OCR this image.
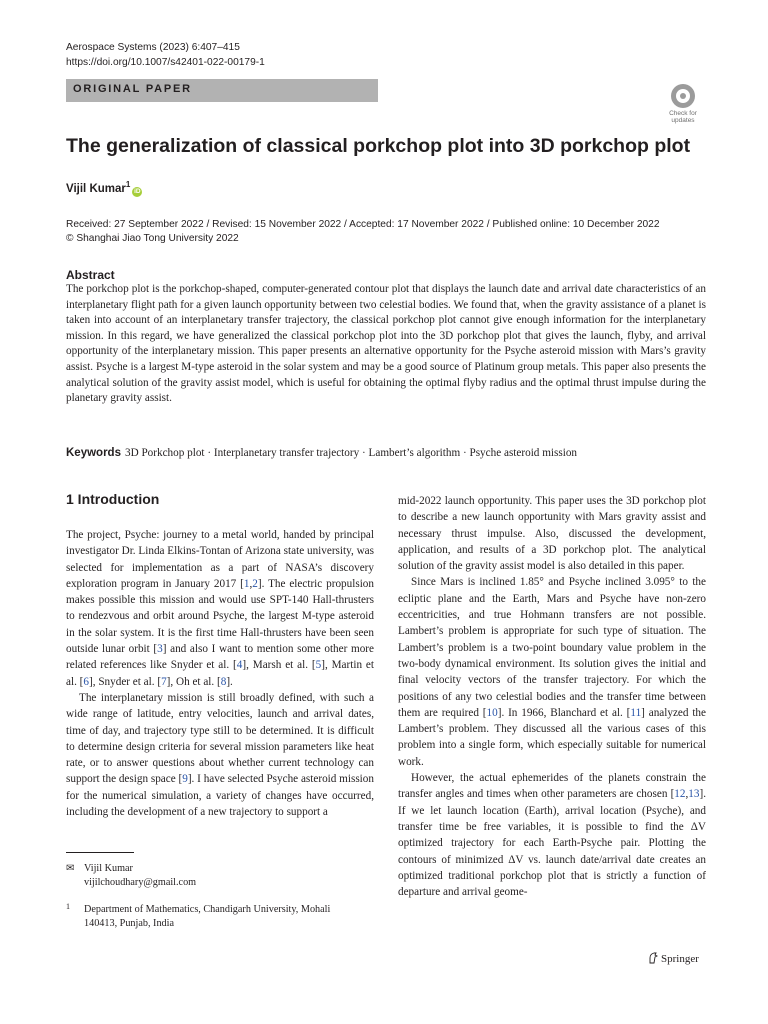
Aerospace Systems (2023) 6:407–415
https://doi.org/10.1007/s42401-022-00179-1
ORIGINAL PAPER
Check for
updates
The generalization of classical porkchop plot into 3D porkchop plot
Vijil Kumar$^1$iD
Received: 27 September 2022 / Revised: 15 November 2022 / Accepted: 17 November 2022 / Published online: 10 December 2022
© Shanghai Jiao Tong University 2022
Abstract

The porkchop plot is the porkchop-shaped, computer-generated contour plot that displays the launch date and arrival date characteristics of an interplanetary flight path for a given launch opportunity between two celestial bodies. We found that, when the gravity assistance of a planet is taken into account of an interplanetary transfer trajectory, the classical porkchop plot cannot give enough information for the interplanetary mission. In this regard, we have generalized the classical porkchop plot into the 3D porkchop plot that gives the launch, flyby, and arrival opportunity of the interplanetary mission. This paper presents an alternative opportunity for the Psyche asteroid mission with Mars’s gravity assist. Psyche is a largest M-type asteroid in the solar system and may be a good source of Platinum group metals. This paper also presents the analytical solution of the gravity assist model, which is useful for obtaining the optimal flyby radius and the optimal thrust impulse during the planetary gravity assist.

Keywords 3D Porkchop plot · Interplanetary transfer trajectory · Lambert’s algorithm · Psyche asteroid mission
1 Introduction

The project, Psyche: journey to a metal world, handed by principal investigator Dr. Linda Elkins-Tontan of Arizona state university, was selected for implementation as a part of NASA’s discovery exploration program in January 2017 [1,2]. The electric propulsion makes possible this mission and would use SPT-140 Hall-thrusters to rendezvous and orbit around Psyche, the largest M-type asteroid in the solar system. It is the first time Hall-thrusters have been seen outside lunar orbit [3] and also I want to mention some other more related references like Snyder et al. [4], Marsh et al. [5], Martin et al. [6], Snyder et al. [7], Oh et al. [8].

The interplanetary mission is still broadly defined, with such a wide range of latitude, entry velocities, launch and arrival dates, time of day, and trajectory type still to be determined. It is difficult to determine design criteria for several mission parameters like heat rate, or to answer questions about whether current technology can support the design space [9]. I have selected Psyche asteroid mission for the numerical simulation, a variety of changes have occurred, including the development of a new trajectory to support a

mid-2022 launch opportunity. This paper uses the 3D porkchop plot to describe a new launch opportunity with Mars gravity assist and necessary thrust impulse. Also, discussed the development, application, and results of a 3D porkchop plot. The analytical solution of the gravity assist model is also detailed in this paper.

Since Mars is inclined 1.85° and Psyche inclined 3.095° to the ecliptic plane and the Earth, Mars and Psyche have non-zero eccentricities, and true Hohmann transfers are not possible. Lambert’s problem is appropriate for such type of situation. The Lambert’s problem is a two-point boundary value problem in the two-body dynamical environment. Its solution gives the initial and final velocity vectors of the transfer trajectory. For which the positions of any two celestial bodies and the transfer time between them are required [10]. In 1966, Blanchard et al. [11] analyzed the Lambert’s problem. They discussed all the various cases of this problem into a single form, which especially suitable for numerical work.

However, the actual ephemerides of the planets constrain the transfer angles and times when other parameters are chosen [12,13]. If we let launch location (Earth), arrival location (Psyche), and transfer time be free variables, it is possible to find the ΔV optimized trajectory for each Earth-Psyche pair. Plotting the contours of minimized ΔV vs. launch date/arrival date creates an optimized traditional porkchop plot that is strictly a function of departure and arrival geome-

✉ Vijil Kumar
vijilchoudhary@gmail.com
1 Department of Mathematics, Chandigarh University, Mohali
140413, Punjab, India
Springer
